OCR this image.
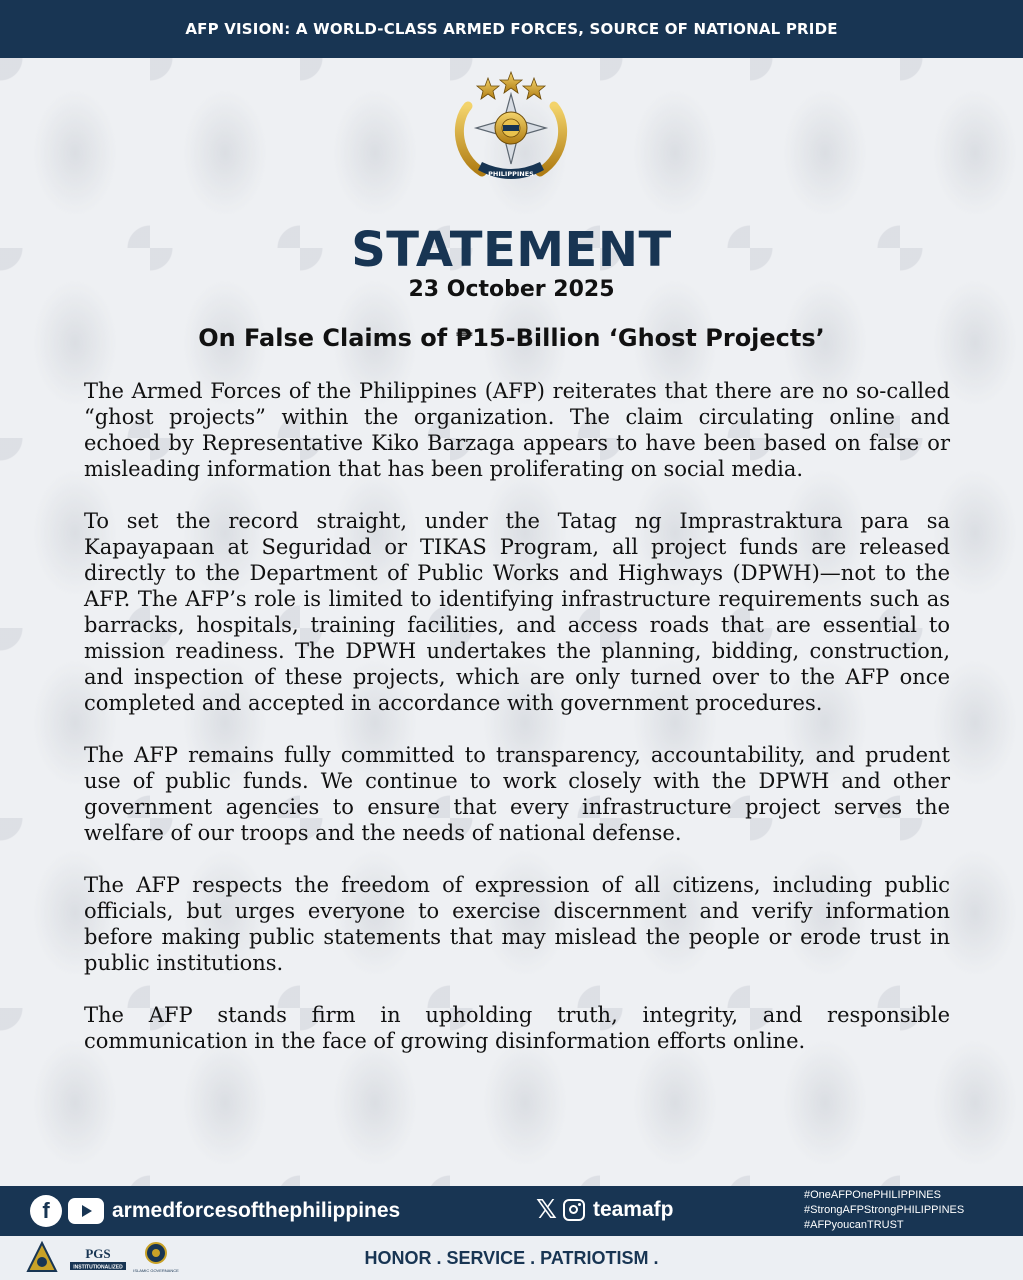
AFP VISION: A WORLD-CLASS ARMED FORCES, SOURCE OF NATIONAL PRIDE
PHILIPPINES
STATEMENT
23 October 2025
On False Claims of ₱15-Billion ‘Ghost Projects’

The Armed Forces of the Philippines (AFP) reiterates that there are no so-called “ghost projects” within the organization. The claim circulating online and echoed by Representative Kiko Barzaga appears to have been based on false or misleading information that has been proliferating on social media.

To set the record straight, under the Tatag ng Imprastraktura para sa Kapayapaan at Seguridad or TIKAS Program, all project funds are released directly to the Department of Public Works and Highways (DPWH)—not to the AFP. The AFP’s role is limited to identifying infrastructure requirements such as barracks, hospitals, training facilities, and access roads that are essential to mission readiness. The DPWH undertakes the planning, bidding, construction, and inspection of these projects, which are only turned over to the AFP once completed and accepted in accordance with government procedures.

The AFP remains fully committed to transparency, accountability, and prudent use of public funds. We continue to work closely with the DPWH and other government agencies to ensure that every infrastructure project serves the welfare of our troops and the needs of national defense.

The AFP respects the freedom of expression of all citizens, including public officials, but urges everyone to exercise discernment and verify information before making public statements that may mislead the people or erode trust in public institutions.

The AFP stands firm in upholding truth, integrity, and responsible communication in the face of growing disinformation efforts online.

f	armedforcesofthephilippines	𝕏 teamafp
#OneAFPOnePHILIPPINES
#StrongAFPStrongPHILIPPINES
#AFPyoucanTRUST
HONOR . SERVICE . PATRIOTISM .
PGS
INSTITUTIONALIZED	ISLAMIC GOVERNANCE
